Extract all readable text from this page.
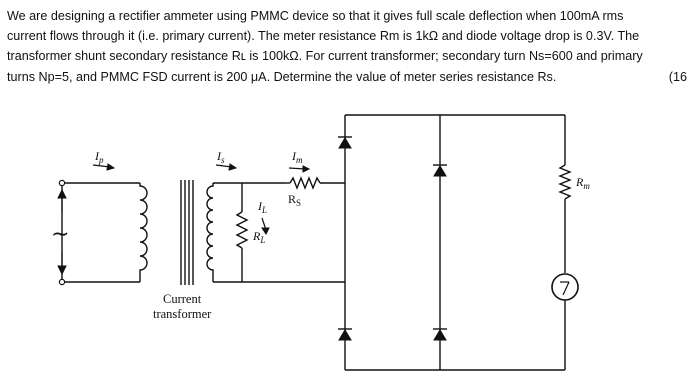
We are designing a rectifier ammeter using PMMC device so that it gives full scale deflection when 100mA rms

current flows through it (i.e. primary current). The meter resistance Rm is 1kΩ and diode voltage drop is 0.3V. The

transformer shunt secondary resistance Rʟ is 100kΩ. For current transformer; secondary turn Ns=600 and primary

turns Np=5, and PMMC FSD current is 200 μA. Determine the value of meter series resistance Rs.	(16

∼
$I_p$
Current
transformer
$I_s$
$I_L$
$R_L$
$I_m$
$R_S$
$R_m$
